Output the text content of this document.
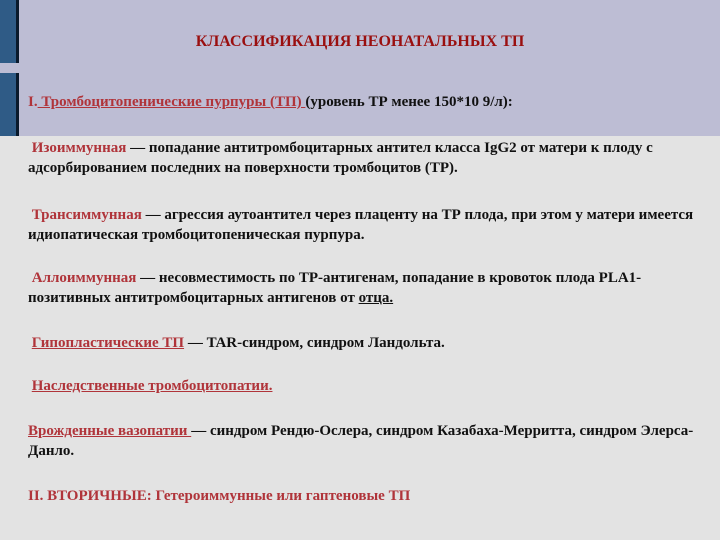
КЛАССИФИКАЦИЯ НЕОНАТАЛЬНЫХ ТП
I. Тромбоцитопенические пурпуры (ТП) (уровень ТР менее 150*10 9/л):
Изоиммунная — попадание антитромбоцитарных антител класса IgG2 от матери к плоду с адсорбированием последних на поверхности тромбоцитов (ТР).
Трансиммунная — агрессия аутоантител через плаценту на ТР плода, при этом у матери имеется идиопатическая тромбоцитопеническая пурпура.
Аллоиммунная — несовместимость по ТР-антигенам, попадание в кровоток плода PLA1-позитивных антитромбоцитарных антигенов от отца.
Гипопластические ТП — TAR-синдром, синдром Ландольта.
Наследственные тромбоцитопатии.
Врожденные вазопатии — синдром Рендю-Ослера, синдром Казабаха-Мерритта, синдром Элерса-Данло.
II. ВТОРИЧНЫЕ: Гетероиммунные или гаптеновые ТП
